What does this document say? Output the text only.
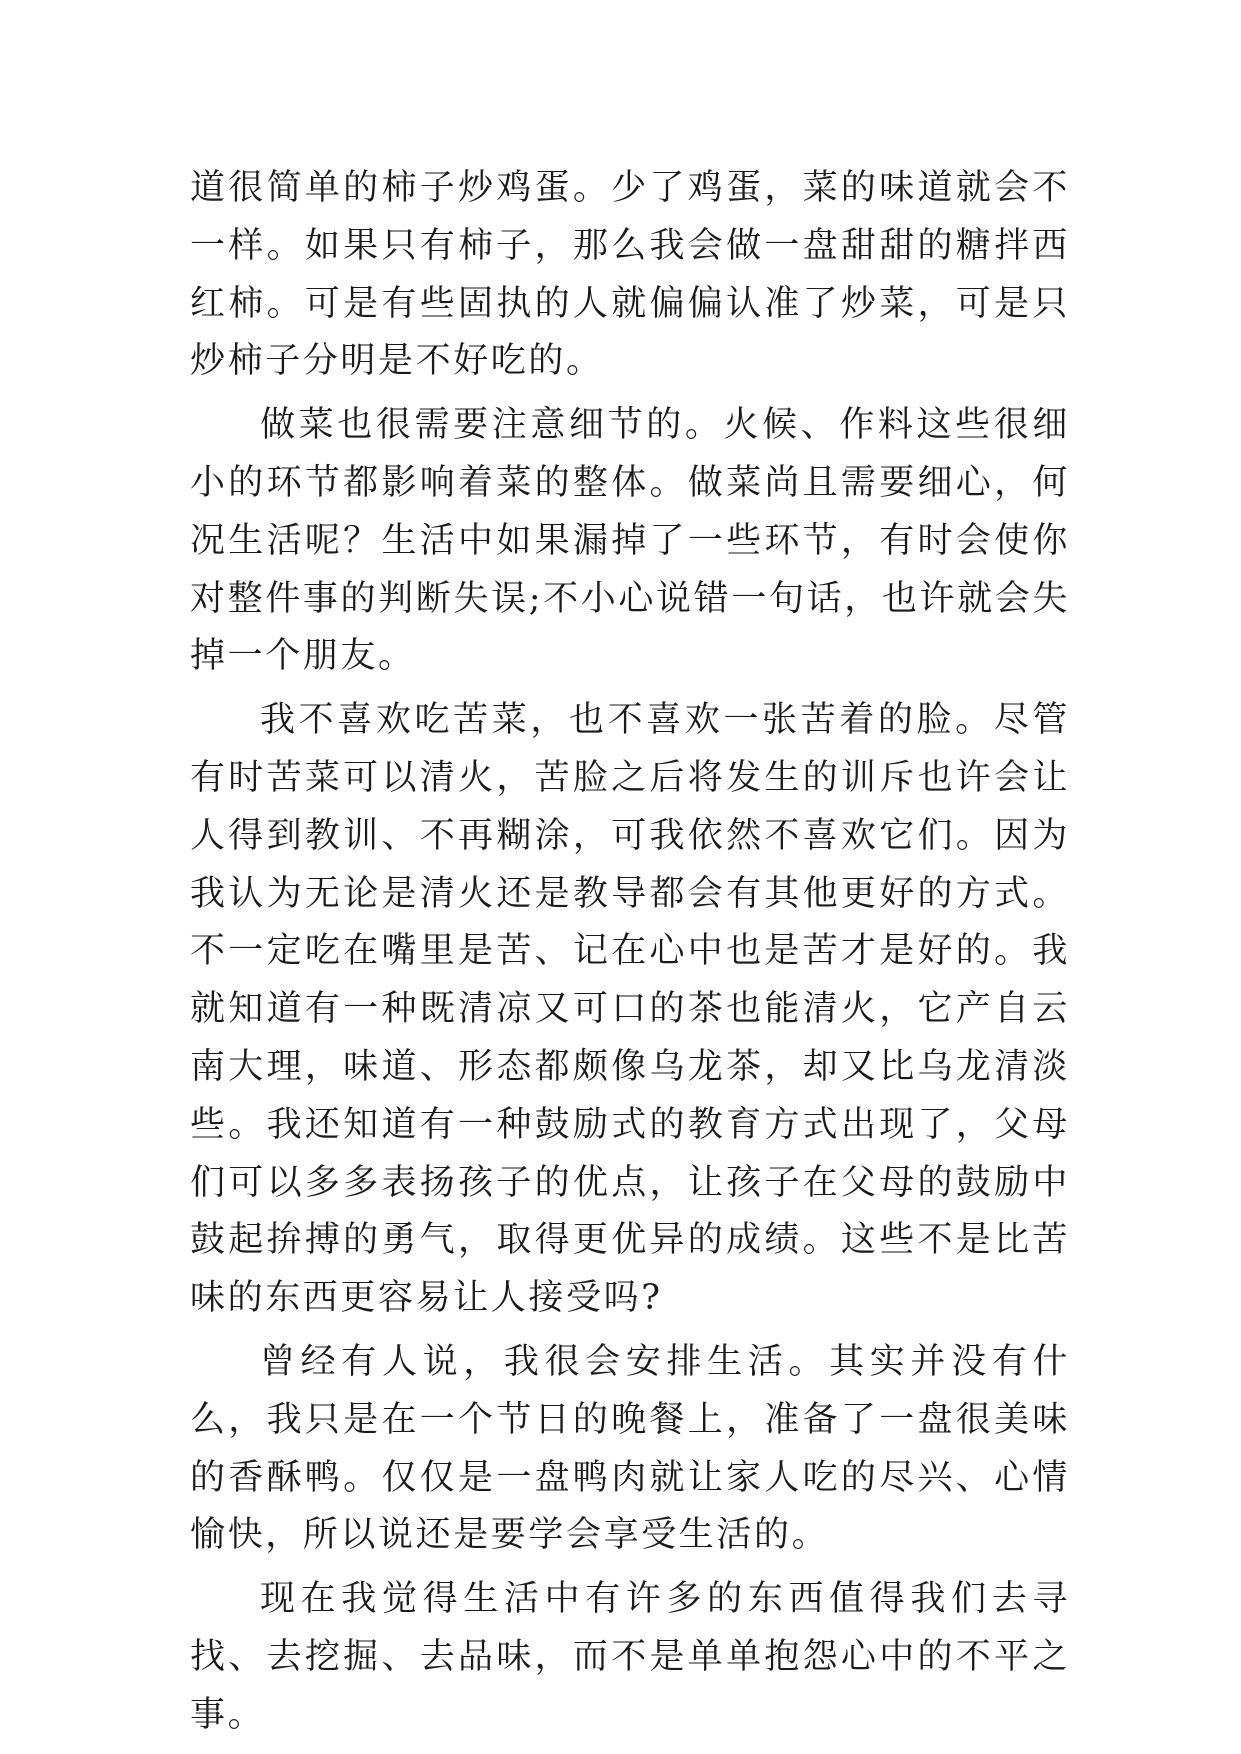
道很简单的柿子炒鸡蛋。少了鸡蛋，菜的味道就会不一样。如果只有柿子，那么我会做一盘甜甜的糖拌西红柿。可是有些固执的人就偏偏认准了炒菜，可是只炒柿子分明是不好吃的。

做菜也很需要注意细节的。火候、作料这些很细小的环节都影响着菜的整体。做菜尚且需要细心，何况生活呢？生活中如果漏掉了一些环节，有时会使你对整件事的判断失误;不小心说错一句话，也许就会失掉一个朋友。

我不喜欢吃苦菜，也不喜欢一张苦着的脸。尽管有时苦菜可以清火，苦脸之后将发生的训斥也许会让人得到教训、不再糊涂，可我依然不喜欢它们。因为我认为无论是清火还是教导都会有其他更好的方式。不一定吃在嘴里是苦、记在心中也是苦才是好的。我就知道有一种既清凉又可口的茶也能清火，它产自云南大理，味道、形态都颇像乌龙茶，却又比乌龙清淡些。我还知道有一种鼓励式的教育方式出现了，父母们可以多多表扬孩子的优点，让孩子在父母的鼓励中鼓起拚搏的勇气，取得更优异的成绩。这些不是比苦味的东西更容易让人接受吗?

曾经有人说，我很会安排生活。其实并没有什么，我只是在一个节日的晚餐上，准备了一盘很美味的香酥鸭。仅仅是一盘鸭肉就让家人吃的尽兴、心情愉快，所以说还是要学会享受生活的。

现在我觉得生活中有许多的东西值得我们去寻找、去挖掘、去品味，而不是单单抱怨心中的不平之事。
